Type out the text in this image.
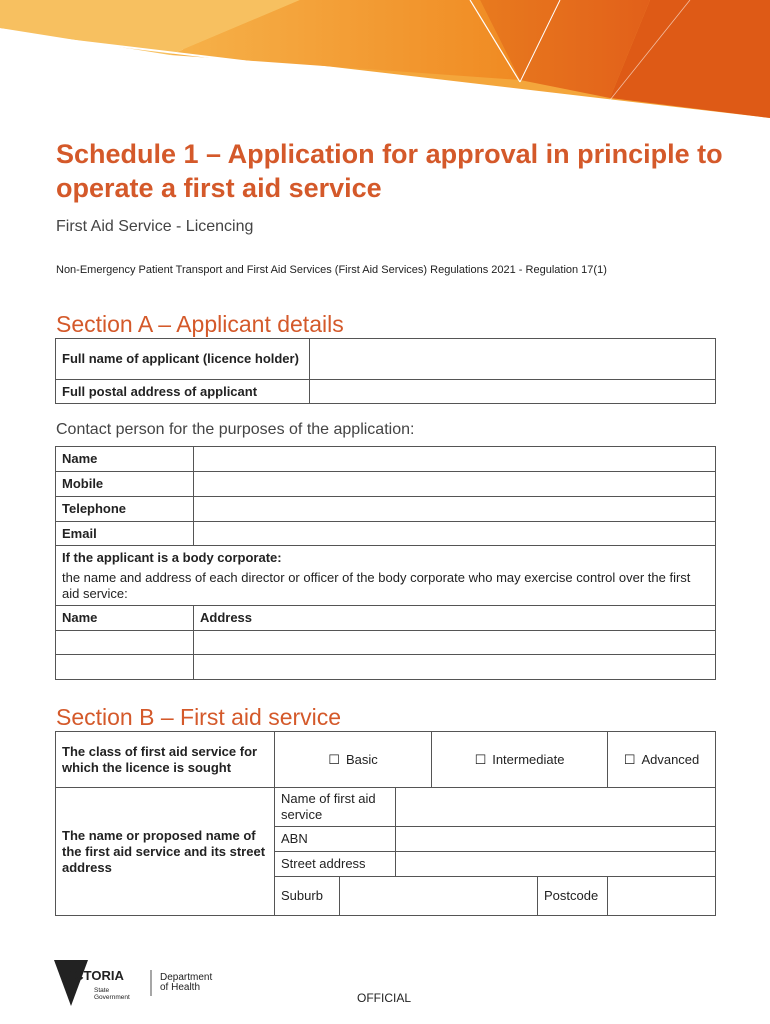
Schedule 1 – Application for approval in principle to operate a first aid service
First Aid Service - Licencing
Non-Emergency Patient Transport and First Aid Services (First Aid Services) Regulations 2021 - Regulation 17(1)
Section A – Applicant details
Full name of applicant (licence holder)	
Full postal address of applicant	
Contact person for the purposes of the application:
Name	
Mobile	
Telephone	
Email	

If the applicant is a body corporate:
the name and address of each director or officer of the body corporate who may exercise control over the first aid service:	

Name	Address

Section B – First aid service
The class of first aid service for which the licence is sought	☐ Basic			☐ Intermediate		☐ Advanced
The name or proposed name of the first aid service and its street address	Name of first aid service					
	ABN					
	Street address					
	Suburb				Postcode	
VICTORIA
State
Government
Department
of Health
OFFICIAL
